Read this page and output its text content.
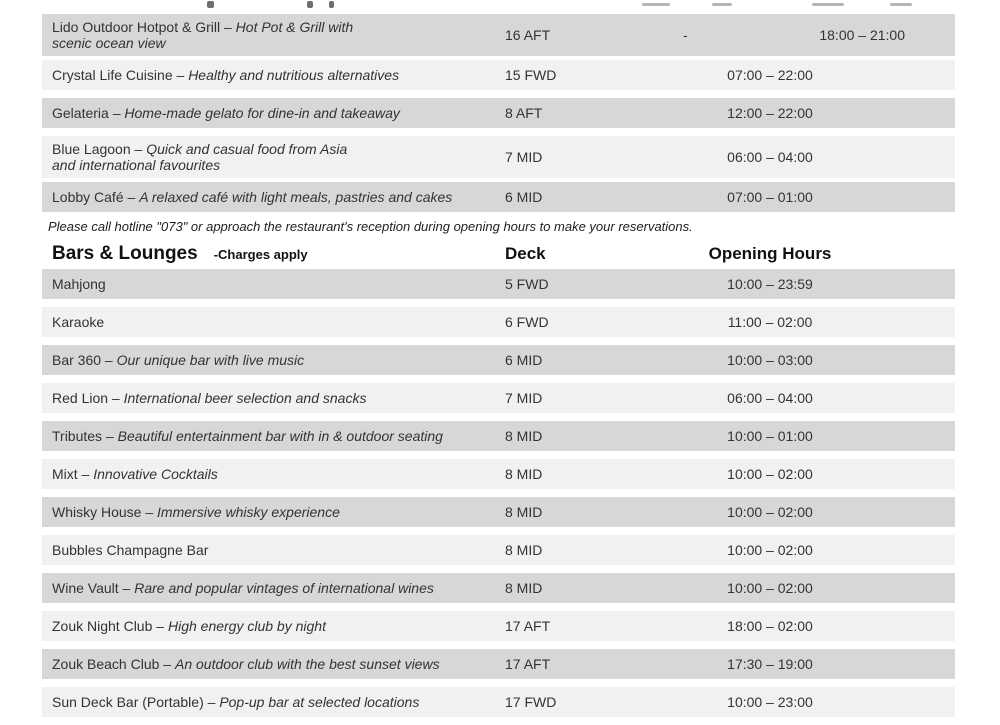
Lido Outdoor Hotpot & Grill – Hot Pot & Grill with
scenic ocean view	16 AFT	-	18:00 – 21:00
Crystal Life Cuisine – Healthy and nutritious alternatives	15 FWD	07:00 – 22:00
Gelateria – Home-made gelato for dine-in and takeaway	8 AFT	12:00 – 22:00
Blue Lagoon – Quick and casual food from Asia
and international favourites	7 MID	06:00 – 04:00
Lobby Café – A relaxed café with light meals, pastries and cakes	6 MID	07:00 – 01:00
Please call hotline "073" or approach the restaurant's reception during opening hours to make your reservations.
Bars & Lounges -Charges apply	Deck	Opening Hours
Mahjong	5 FWD	10:00 – 23:59
Karaoke	6 FWD	11:00 – 02:00
Bar 360 – Our unique bar with live music	6 MID	10:00 – 03:00
Red Lion – International beer selection and snacks	7 MID	06:00 – 04:00
Tributes – Beautiful entertainment bar with in & outdoor seating	8 MID	10:00 – 01:00
Mixt – Innovative Cocktails	8 MID	10:00 – 02:00
Whisky House – Immersive whisky experience	8 MID	10:00 – 02:00
Bubbles Champagne Bar	8 MID	10:00 – 02:00
Wine Vault – Rare and popular vintages of international wines	8 MID	10:00 – 02:00
Zouk Night Club – High energy club by night	17 AFT	18:00 – 02:00
Zouk Beach Club – An outdoor club with the best sunset views	17 AFT	17:30 – 19:00
Sun Deck Bar (Portable) – Pop-up bar at selected locations	17 FWD	10:00 – 23:00
